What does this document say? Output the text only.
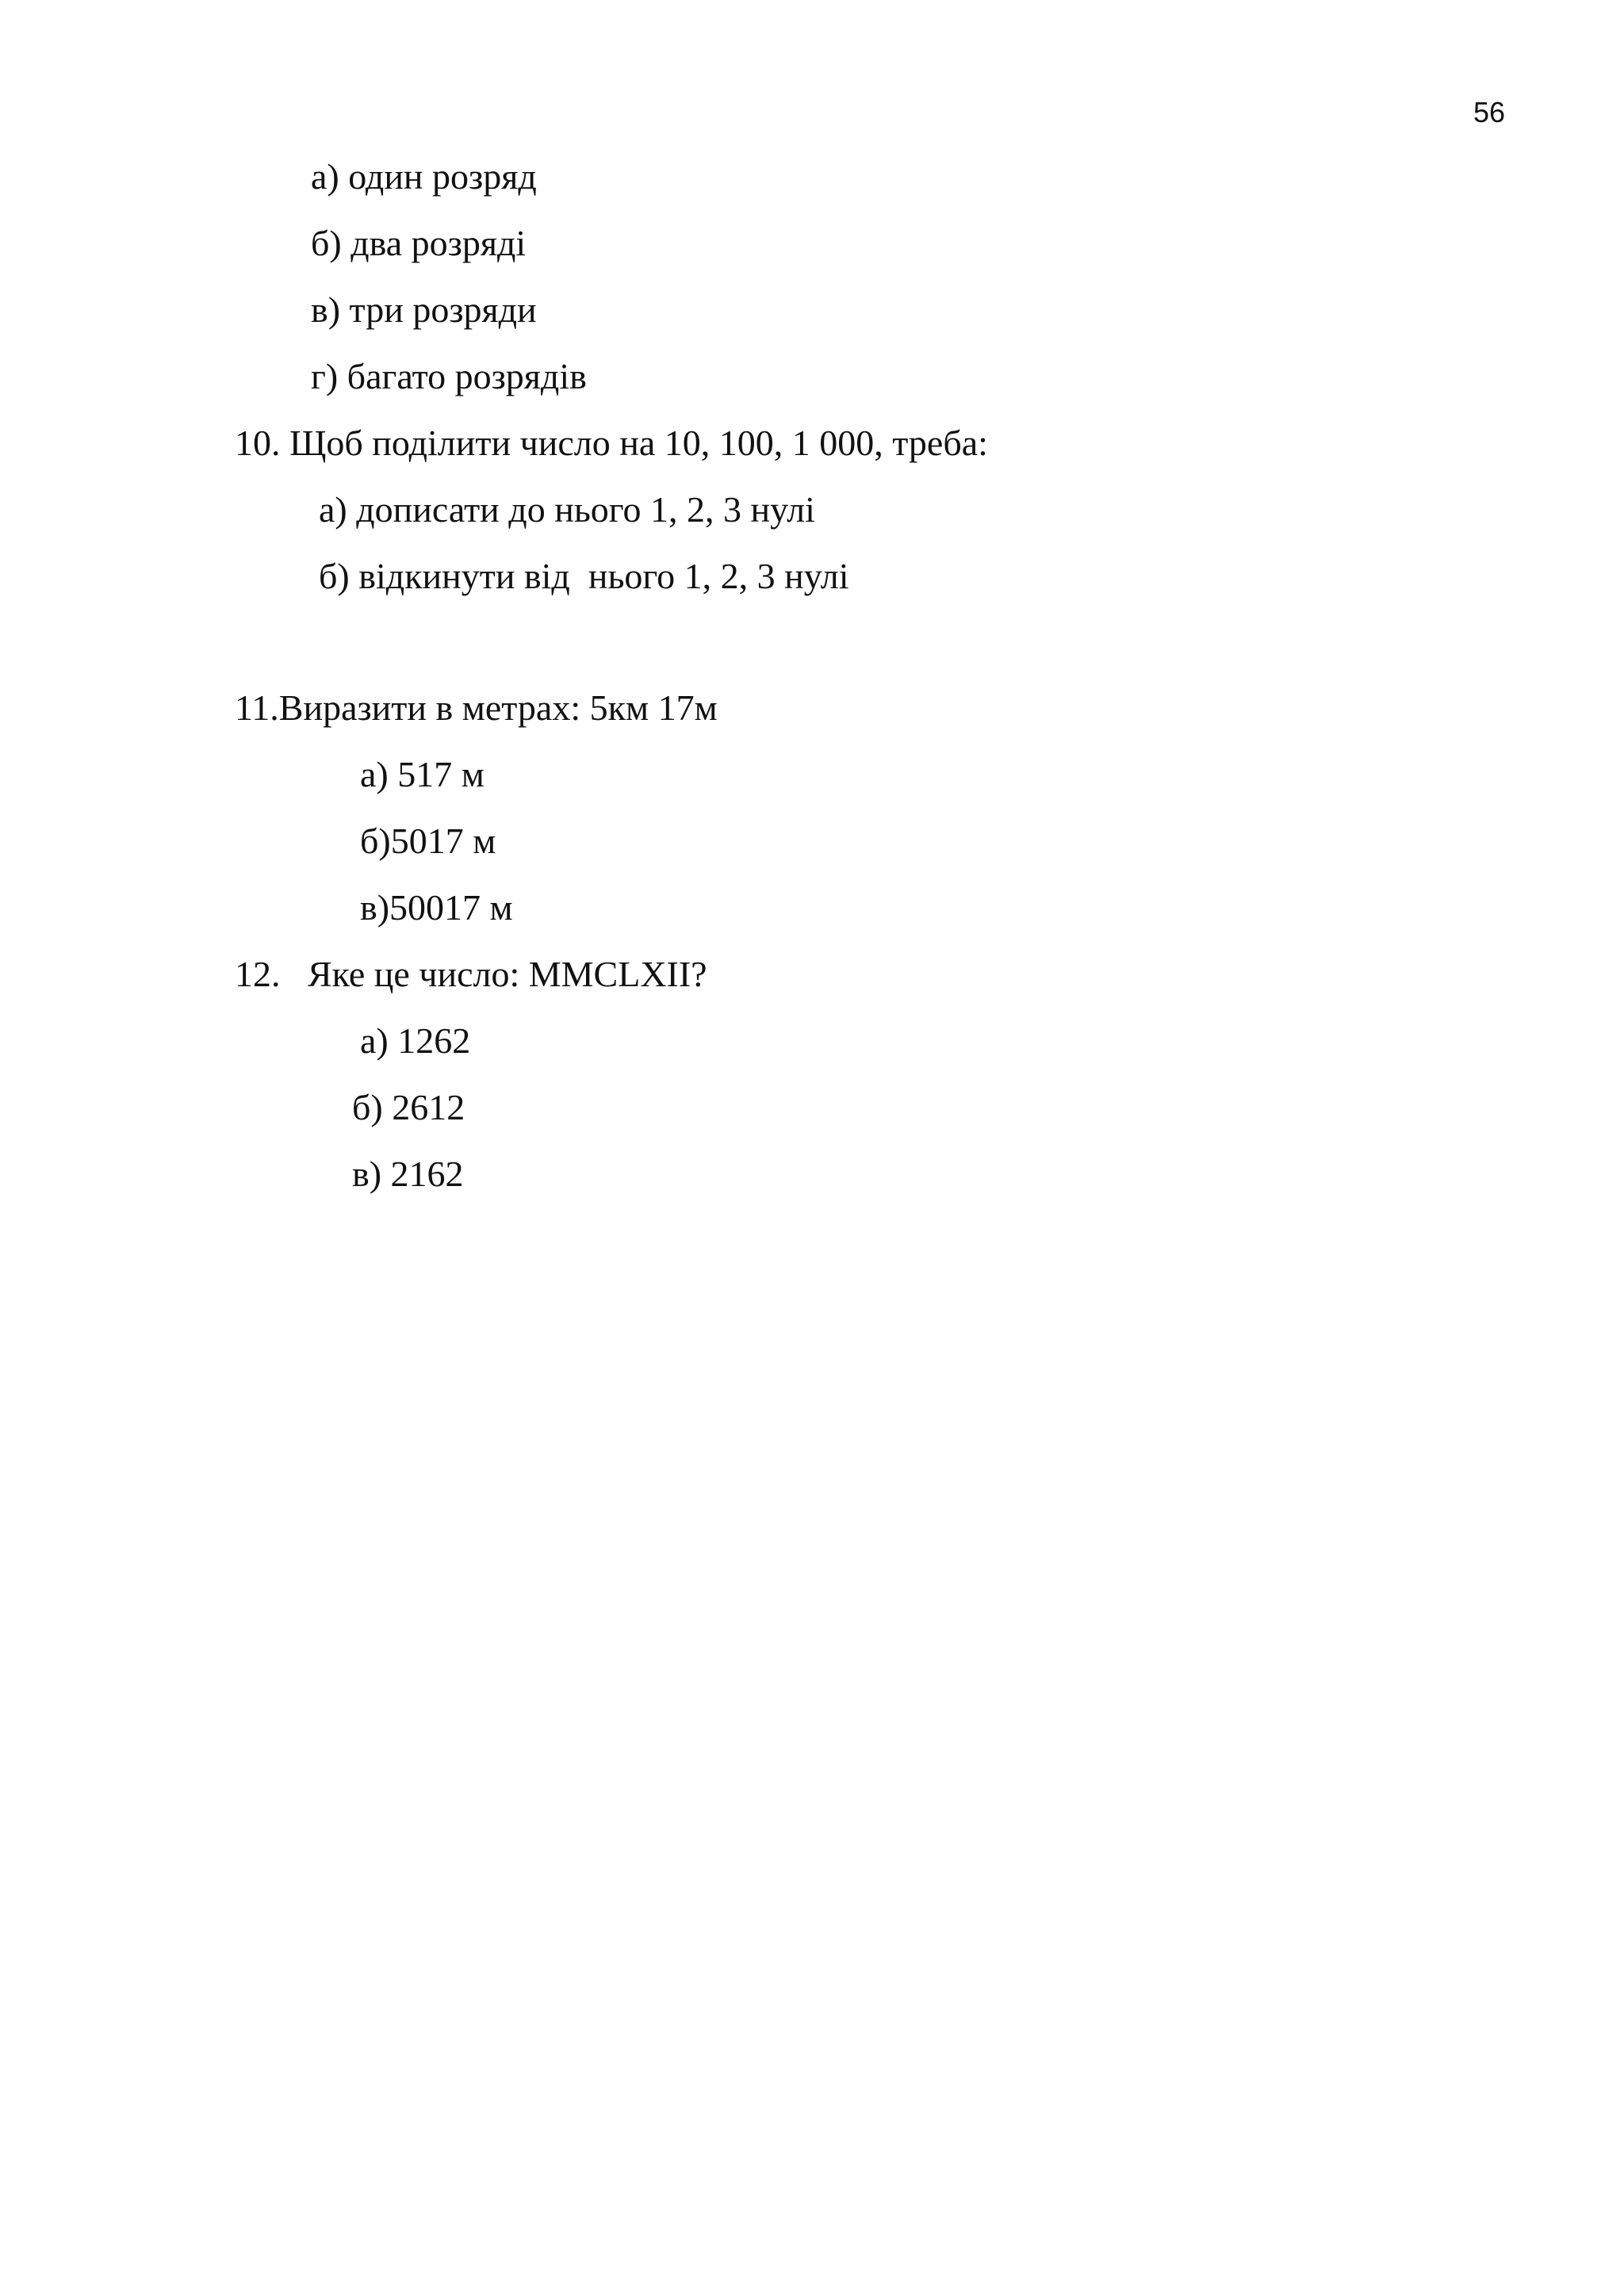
56
а) один розряд
б) два розряді
в) три розряди
г) багато розрядів
10. Щоб поділити число на 10, 100, 1 000, треба:
а) дописати до нього 1, 2, 3 нулі
б) відкинути від  нього 1, 2, 3 нулі
11.Виразити в метрах: 5км 17м
а) 517 м
б)5017 м
в)50017 м
12.   Яке це число: MMCLXII?
а) 1262
б) 2612
в) 2162
